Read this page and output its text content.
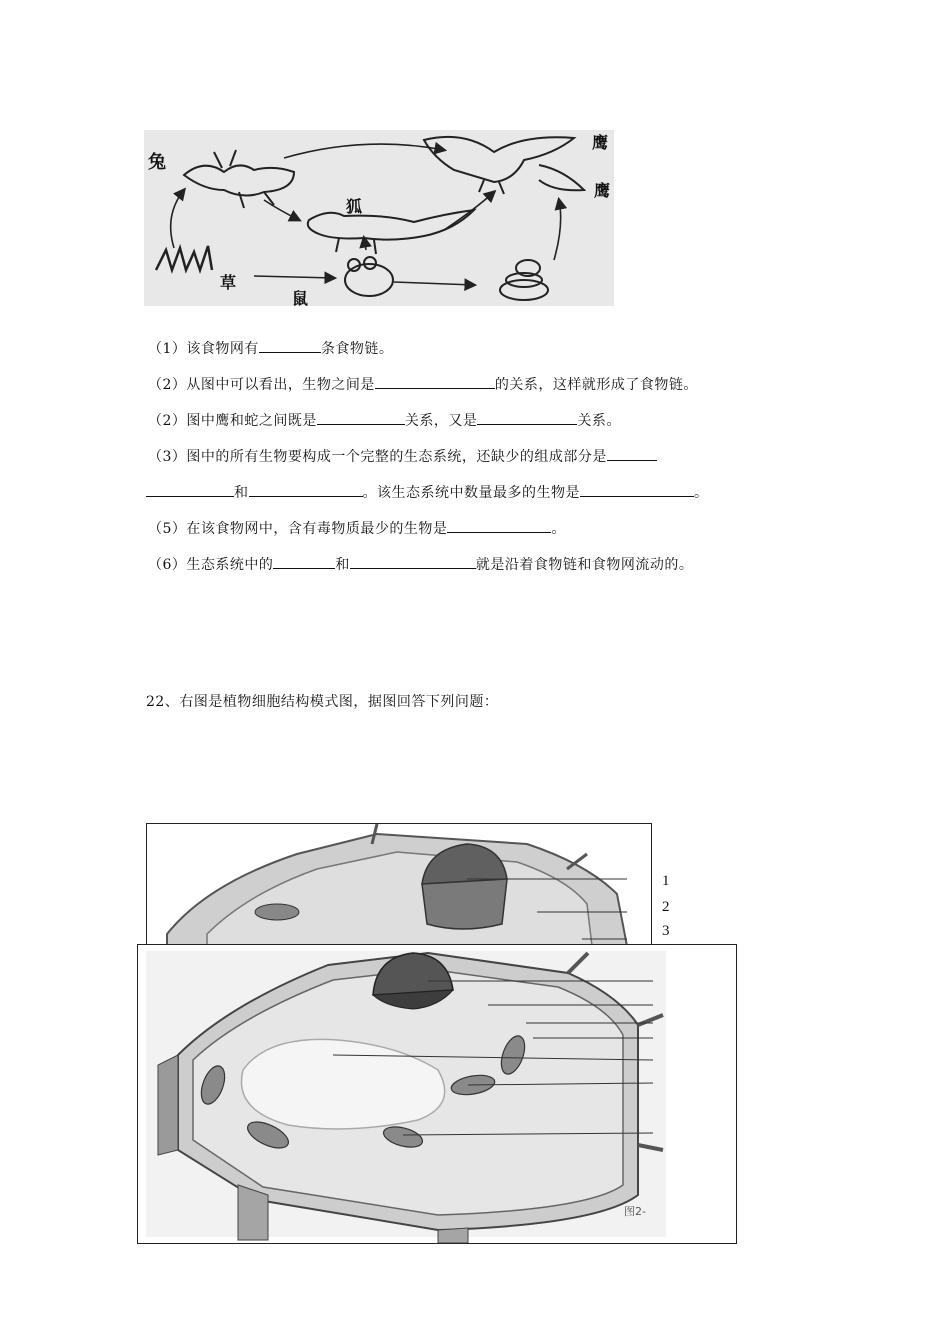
兔
狐
鹰
鹰
草
鼠
（1）该食物网有	条食物链。
（2）从图中可以看出，生物之间是	的关系，这样就形成了食物链。
（2）图中鹰和蛇之间既是	关系，又是	关系。
（3）图中的所有生物要构成一个完整的生态系统，还缺少的组成部分是
和	。该生态系统中数量最多的生物是	。
（5）在该食物网中，含有毒物质最少的生物是	。
（6）生态系统中的	和	就是沿着食物链和食物网流动的。
22、右图是植物细胞结构模式图，据图回答下列问题：
1
2
3
图2-
